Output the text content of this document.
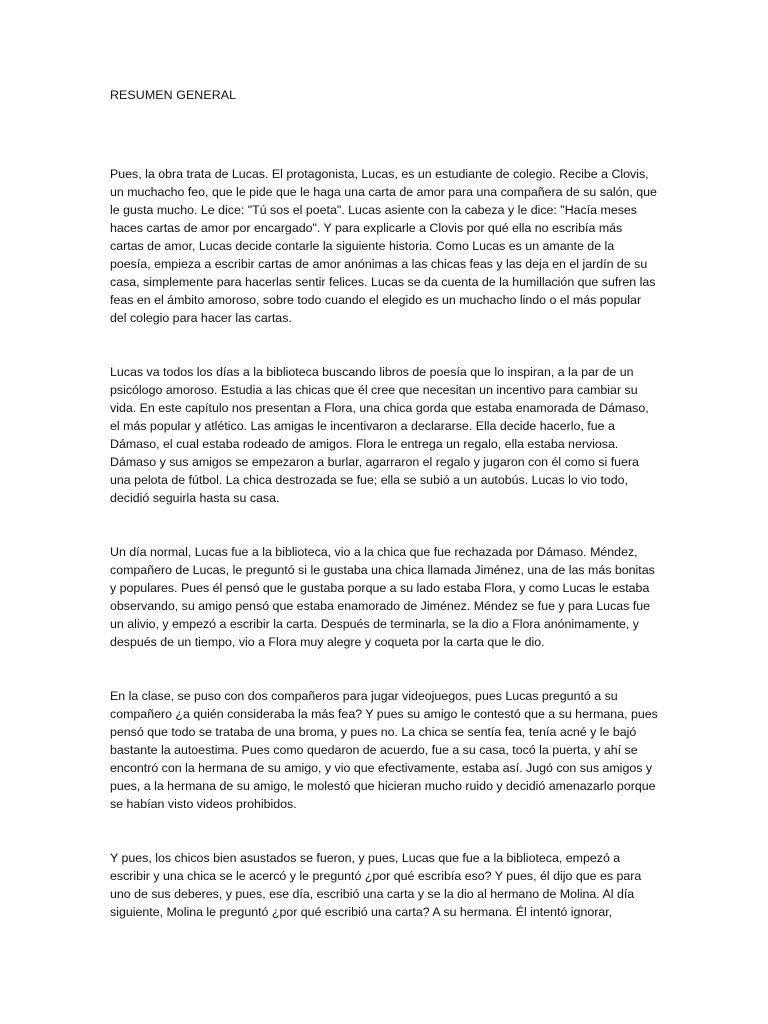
RESUMEN GENERAL

Pues, la obra trata de Lucas. El protagonista, Lucas, es un estudiante de colegio. Recibe a Clovis, un muchacho feo, que le pide que le haga una carta de amor para una compañera de su salón, que le gusta mucho. Le dice: "Tú sos el poeta". Lucas asiente con la cabeza y le dice: "Hacía meses haces cartas de amor por encargado". Y para explicarle a Clovis por qué ella no escribía más cartas de amor, Lucas decide contarle la siguiente historia. Como Lucas es un amante de la poesía, empieza a escribir cartas de amor anónimas a las chicas feas y las deja en el jardín de su casa, simplemente para hacerlas sentir felices. Lucas se da cuenta de la humillación que sufren las feas en el ámbito amoroso, sobre todo cuando el elegido es un muchacho lindo o el más popular del colegio para hacer las cartas.

Lucas va todos los días a la biblioteca buscando libros de poesía que lo inspiran, a la par de un psicólogo amoroso. Estudia a las chicas que él cree que necesitan un incentivo para cambiar su vida. En este capítulo nos presentan a Flora, una chica gorda que estaba enamorada de Dámaso, el más popular y atlético. Las amigas le incentivaron a declararse. Ella decide hacerlo, fue a Dámaso, el cual estaba rodeado de amigos. Flora le entrega un regalo, ella estaba nerviosa. Dámaso y sus amigos se empezaron a burlar, agarraron el regalo y jugaron con él como si fuera una pelota de fútbol. La chica destrozada se fue; ella se subió a un autobús. Lucas lo vio todo, decidió seguirla hasta su casa.

Un día normal, Lucas fue a la biblioteca, vio a la chica que fue rechazada por Dámaso. Méndez, compañero de Lucas, le preguntó si le gustaba una chica llamada Jiménez, una de las más bonitas y populares. Pues él pensó que le gustaba porque a su lado estaba Flora, y como Lucas le estaba observando, su amigo pensó que estaba enamorado de Jiménez. Méndez se fue y para Lucas fue un alivio, y empezó a escribir la carta. Después de terminarla, se la dio a Flora anónimamente, y después de un tiempo, vio a Flora muy alegre y coqueta por la carta que le dio.

En la clase, se puso con dos compañeros para jugar videojuegos, pues Lucas preguntó a su compañero ¿a quién consideraba la más fea? Y pues su amigo le contestó que a su hermana, pues pensó que todo se trataba de una broma, y pues no. La chica se sentía fea, tenía acné y le bajó bastante la autoestima. Pues como quedaron de acuerdo, fue a su casa, tocó la puerta, y ahí se encontró con la hermana de su amigo, y vio que efectivamente, estaba así. Jugó con sus amigos y pues, a la hermana de su amigo, le molestó que hicieran mucho ruido y decidió amenazarlo porque se habían visto videos prohibidos.

Y pues, los chicos bien asustados se fueron, y pues, Lucas que fue a la biblioteca, empezó a escribir y una chica se le acercó y le preguntó ¿por qué escribía eso? Y pues, él dijo que es para uno de sus deberes, y pues, ese día, escribió una carta y se la dio al hermano de Molina. Al día siguiente, Molina le preguntó ¿por qué escribió una carta? A su hermana. Él intentó ignorar,
